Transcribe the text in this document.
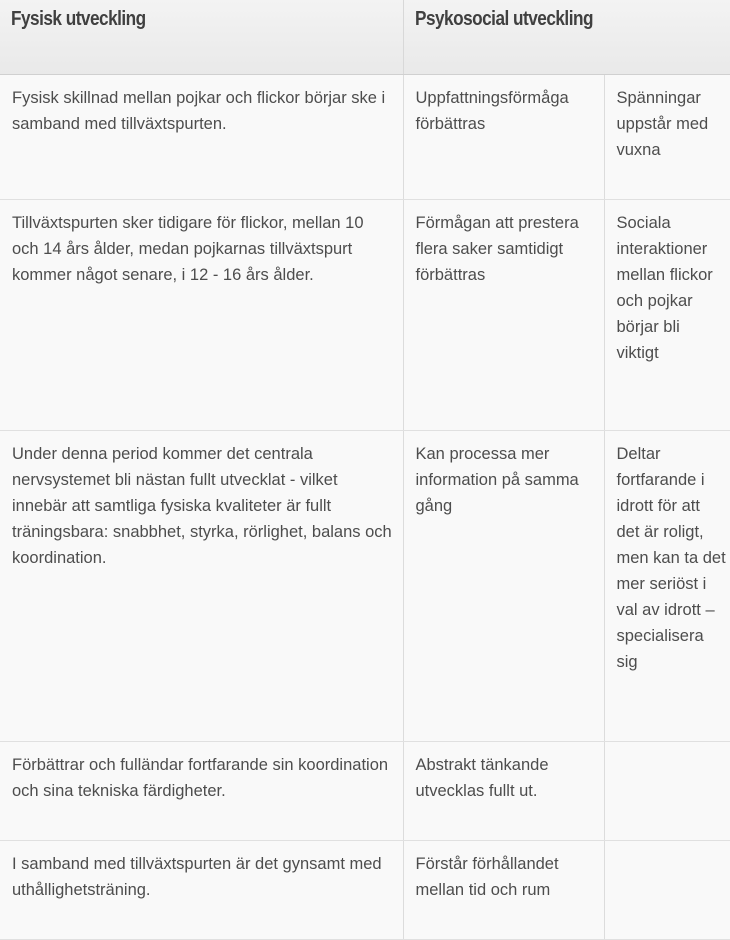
Fysisk utveckling	Psykosocial utveckling	
Fysisk skillnad mellan pojkar och flickor börjar ske i samband med tillväxtspurten.	Uppfattningsförmåga förbättras	Spänningar uppstår med vuxna
Tillväxtspurten sker tidigare för flickor, mellan 10 och 14 års ålder, medan pojkarnas tillväxtspurt kommer något senare, i 12 - 16 års ålder.	Förmågan att prestera flera saker samtidigt förbättras	Sociala interaktioner mellan flickor och pojkar börjar bli viktigt
Under denna period kommer det centrala nervsystemet bli nästan fullt utvecklat - vilket innebär att samtliga fysiska kvaliteter är fullt träningsbara: snabbhet, styrka, rörlighet, balans och koordination.	Kan processa mer information på samma gång	Deltar fortfarande i idrott för att det är roligt, men kan ta det mer seriöst i val av idrott – specialisera sig
Förbättrar och fulländar fortfarande sin koordination och sina tekniska färdigheter.	Abstrakt tänkande utvecklas fullt ut.	
I samband med tillväxtspurten är det gynsamt med uthållighetsträning.	Förstår förhållandet mellan tid och rum	
